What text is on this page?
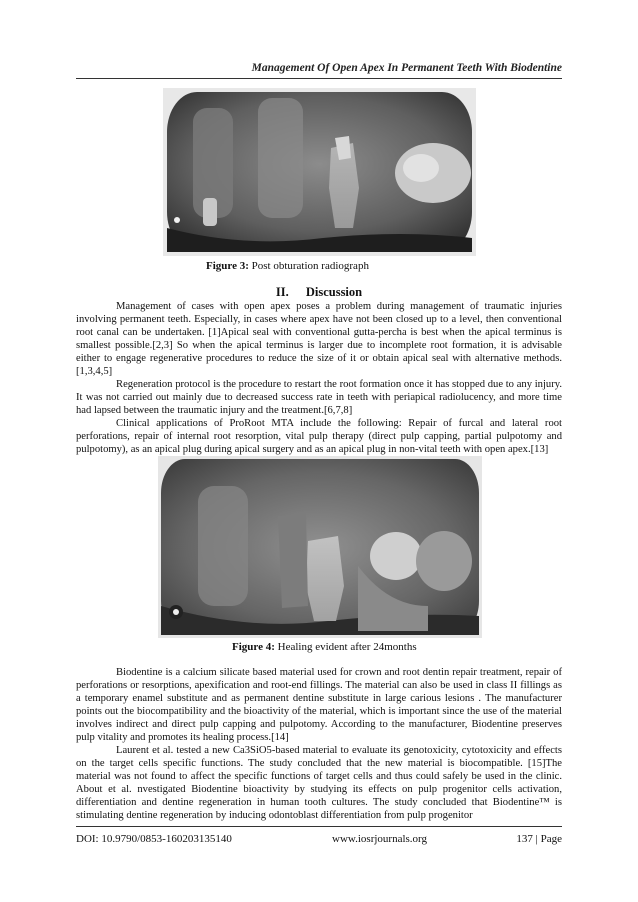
Management Of Open Apex In Permanent Teeth With Biodentine
Figure 3: Post obturation radiograph
II. Discussion

Management of cases with open apex poses a problem during management of traumatic injuries involving permanent teeth. Especially, in cases where apex have not been closed up to a level, then conventional root canal can be undertaken. [1]Apical seal with conventional gutta-percha is best when the apical terminus is smallest possible.[2,3] So when the apical terminus is larger due to incomplete root formation, it is advisable either to engage regenerative procedures to reduce the size of it or obtain apical seal with alternative methods.[1,3,4,5]

Regeneration protocol is the procedure to restart the root formation once it has stopped due to any injury. It was not carried out mainly due to decreased success rate in teeth with periapical radiolucency, and more time had lapsed between the traumatic injury and the treatment.[6,7,8]

Clinical applications of ProRoot MTA include the following: Repair of furcal and lateral root perforations, repair of internal root resorption, vital pulp therapy (direct pulp capping, partial pulpotomy and pulpotomy), as an apical plug during apical surgery and as an apical plug in non-vital teeth with open apex.[13]

Figure 4: Healing evident after 24months

Biodentine is a calcium silicate based material used for crown and root dentin repair treatment, repair of perforations or resorptions, apexification and root-end fillings. The material can also be used in class II fillings as a temporary enamel substitute and as permanent dentine substitute in large carious lesions . The manufacturer points out the biocompatibility and the bioactivity of the material, which is important since the use of the material involves indirect and direct pulp capping and pulpotomy. According to the manufacturer, Biodentine preserves pulp vitality and promotes its healing process.[14]

Laurent et al. tested a new Ca3SiO5-based material to evaluate its genotoxicity, cytotoxicity and effects on the target cells specific functions. The study concluded that the new material is biocompatible. [15]The material was not found to affect the specific functions of target cells and thus could safely be used in the clinic. About et al. nvestigated Biodentine bioactivity by studying its effects on pulp progenitor cells activation, differentiation and dentine regeneration in human tooth cultures. The study concluded that Biodentine™ is stimulating dentine regeneration by inducing odontoblast differentiation from pulp progenitor

DOI: 10.9790/0853-160203135140	www.iosrjournals.org	137 | Page
